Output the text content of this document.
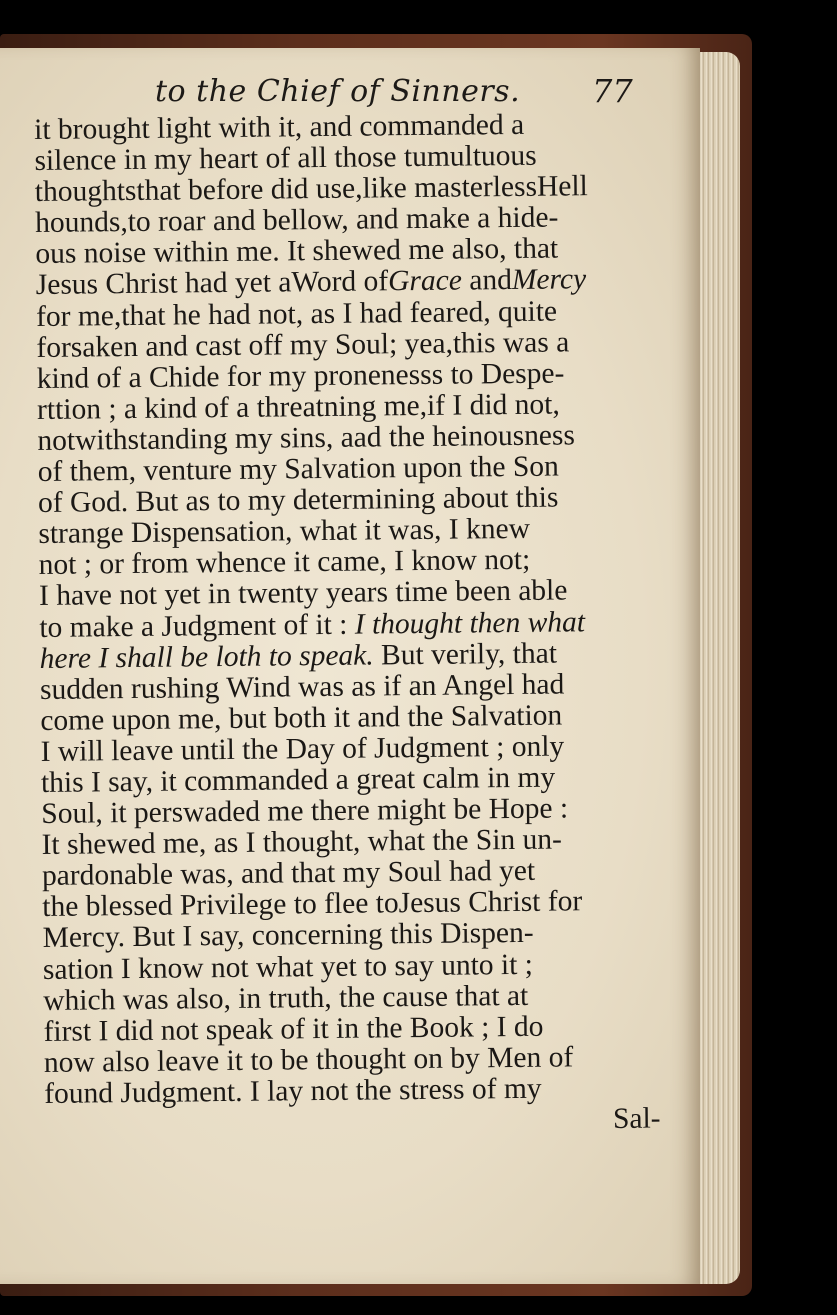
to the Chief of Sinners. 77
it brought light with it, and commanded a
silence in my heart of all those tumultuous
thoughtsthat before did use,like masterlessHell
hounds,to roar and bellow, and make a hide-
ous noise within me. It shewed me also, that
Jesus Christ had yet aWord ofGrace andMercy
for me,that he had not, as I had feared, quite
forsaken and cast off my Soul; yea,this was a
kind of a Chide for my pronenesss to Despe-
rttion ; a kind of a threatning me,if I did not,
notwithstanding my sins, aad the heinousness
of them, venture my Salvation upon the Son
of God. But as to my determining about this
strange Dispensation, what it was, I knew
not ; or from whence it came, I know not;
I have not yet in twenty years time been able
to make a Judgment of it : I thought then what
here I shall be loth to speak. But verily, that
sudden rushing Wind was as if an Angel had
come upon me, but both it and the Salvation
I will leave until the Day of Judgment ; only
this I say, it commanded a great calm in my
Soul, it perswaded me there might be Hope :
It shewed me, as I thought, what the Sin un-
pardonable was, and that my Soul had yet
the blessed Privilege to flee toJesus Christ for
Mercy. But I say, concerning this Dispen-
sation I know not what yet to say unto it ;
which was also, in truth, the cause that at
first I did not speak of it in the Book ; I do
now also leave it to be thought on by Men of
found Judgment. I lay not the stress of my
Sal-
